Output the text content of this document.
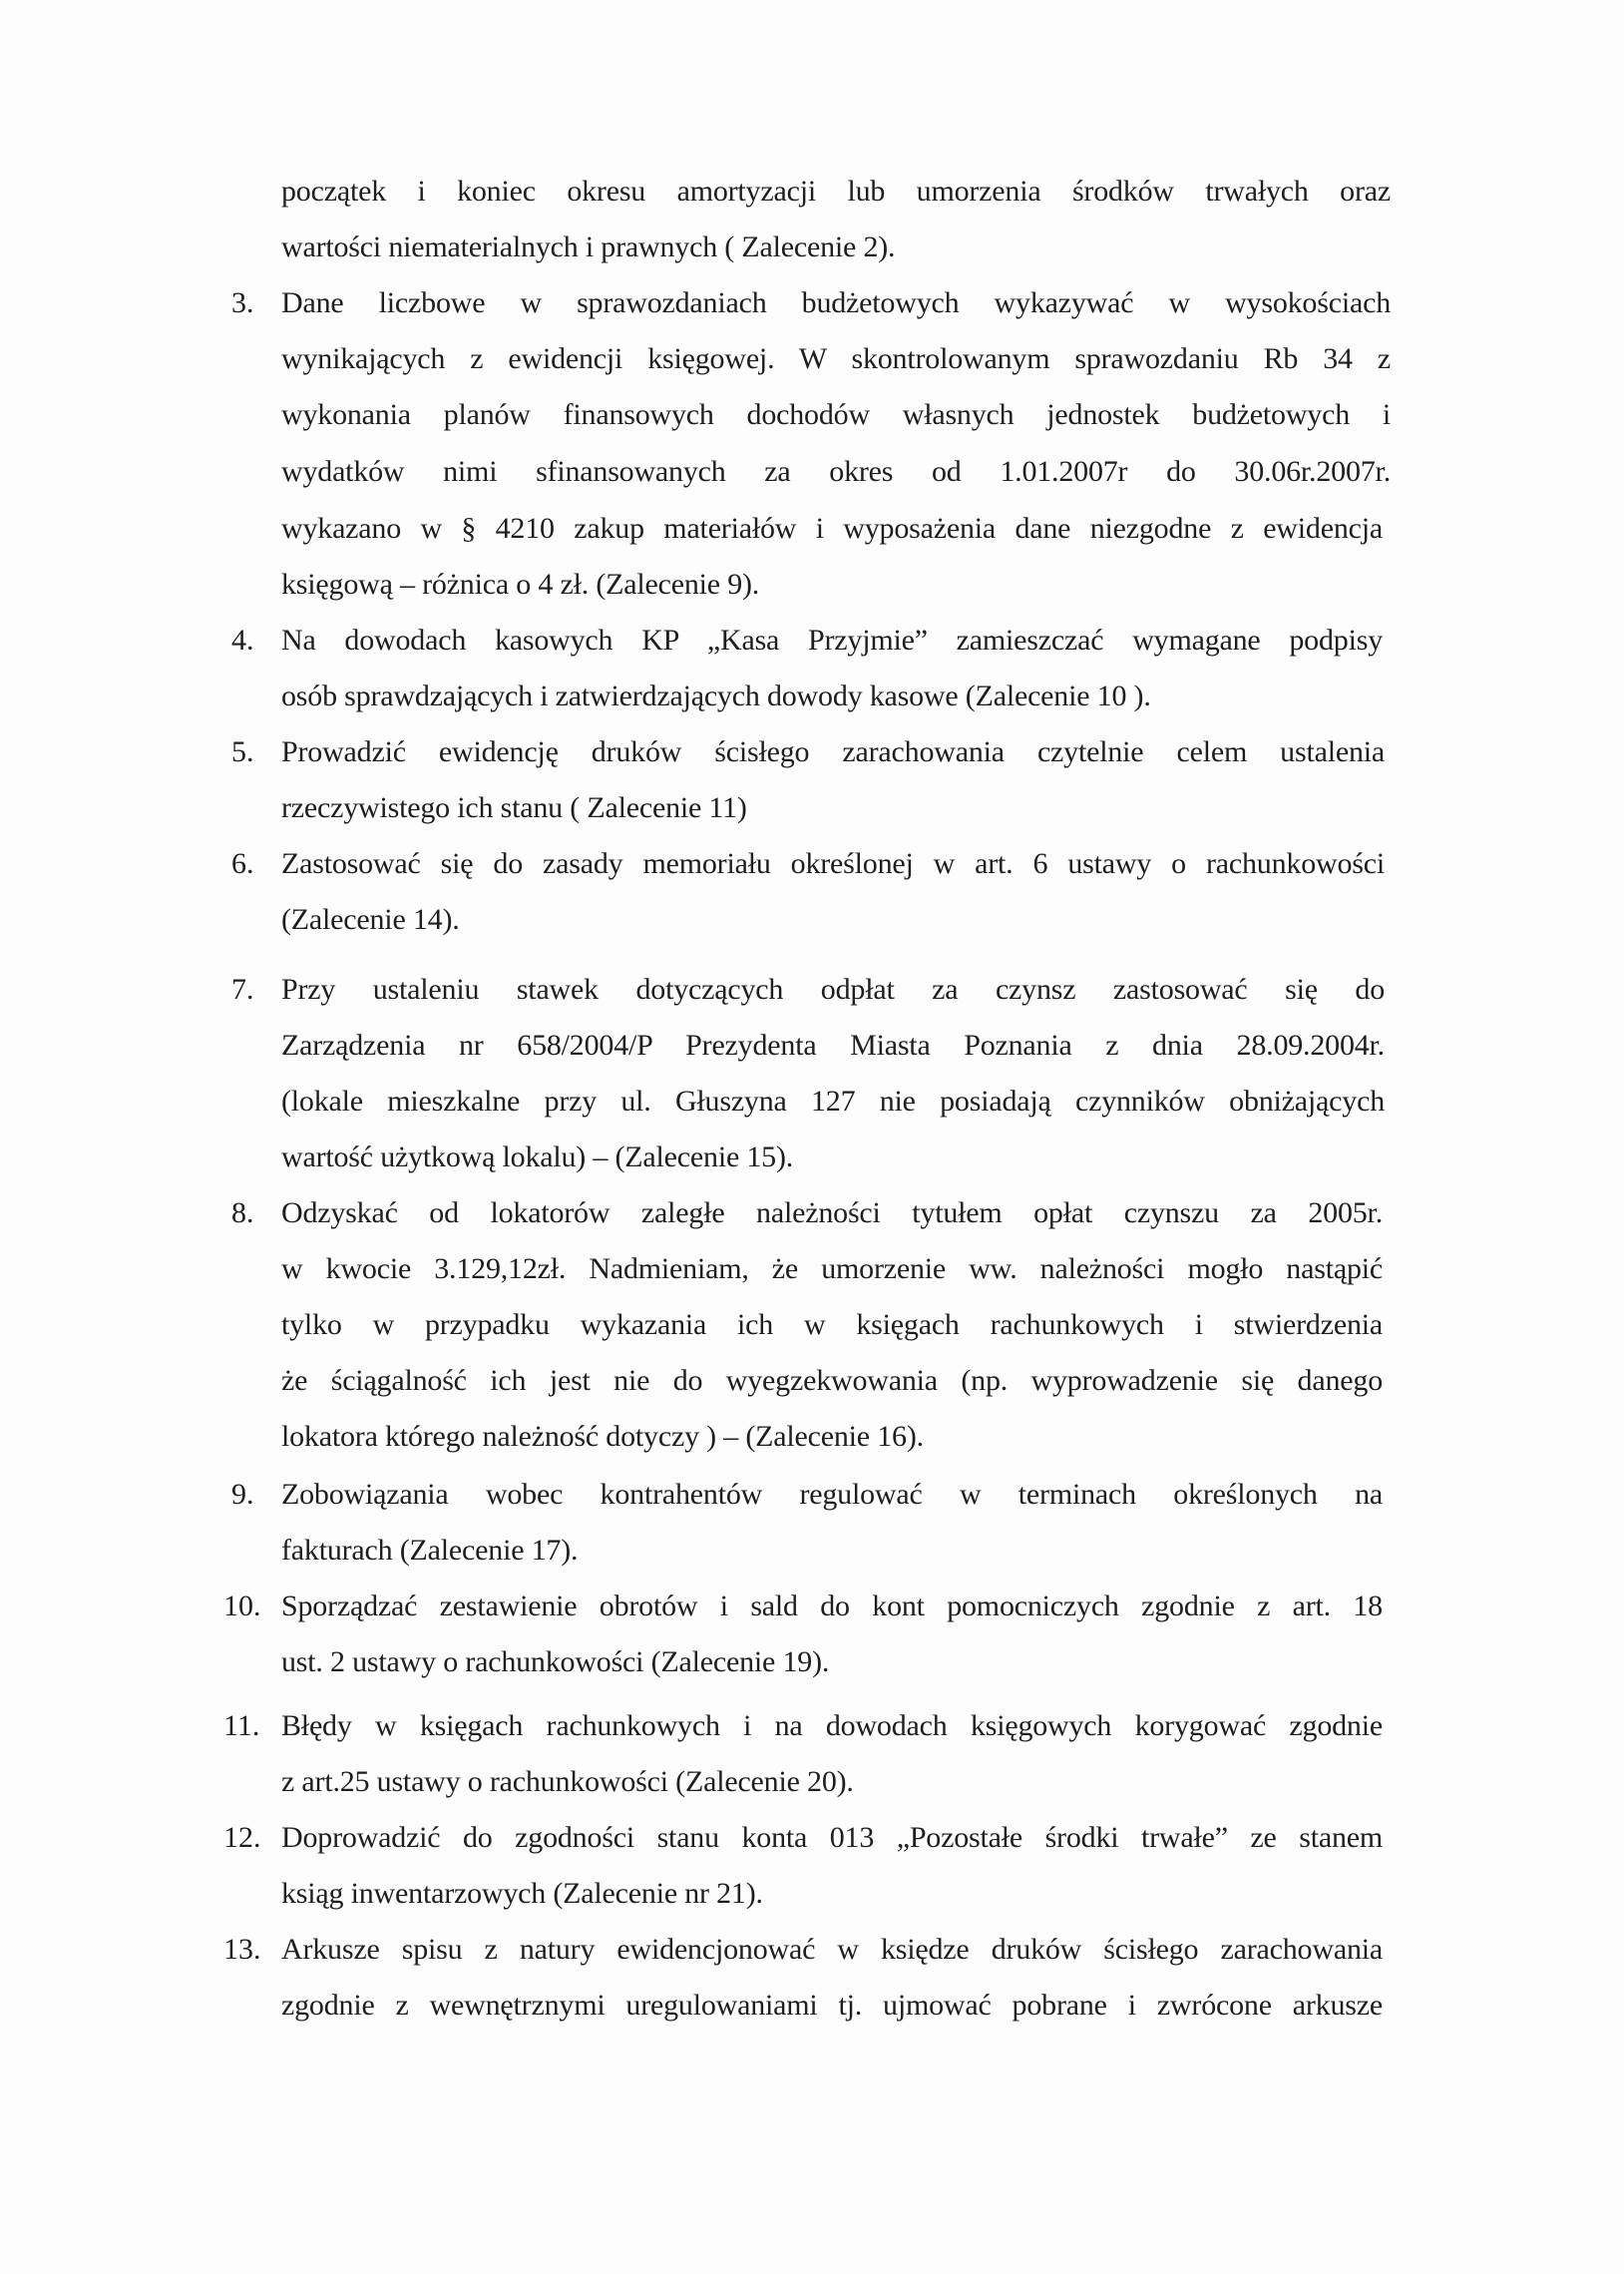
początek i koniec okresu amortyzacji lub umorzenia środków trwałych oraz
wartości niematerialnych i prawnych ( Zalecenie 2).
3. Dane liczbowe w sprawozdaniach budżetowych wykazywać w wysokościach
wynikających z ewidencji księgowej. W skontrolowanym sprawozdaniu Rb 34 z
wykonania planów finansowych dochodów własnych jednostek budżetowych i
wydatków nimi sfinansowanych za okres od 1.01.2007r do 30.06r.2007r.
wykazano w § 4210 zakup materiałów i wyposażenia dane niezgodne z ewidencja
księgową – różnica o 4 zł. (Zalecenie 9).
4. Na dowodach kasowych KP „Kasa Przyjmie” zamieszczać wymagane podpisy
osób sprawdzających i zatwierdzających dowody kasowe (Zalecenie 10 ).
5. Prowadzić ewidencję druków ścisłego zarachowania czytelnie celem ustalenia
rzeczywistego ich stanu ( Zalecenie 11)
6. Zastosować się do zasady memoriału określonej w art. 6 ustawy o rachunkowości
(Zalecenie 14).
7. Przy ustaleniu stawek dotyczących odpłat za czynsz zastosować się do
Zarządzenia nr 658/2004/P Prezydenta Miasta Poznania z dnia 28.09.2004r.
(lokale mieszkalne przy ul. Głuszyna 127 nie posiadają czynników obniżających
wartość użytkową lokalu) – (Zalecenie 15).
8. Odzyskać od lokatorów zaległe należności tytułem opłat czynszu za 2005r.
w kwocie 3.129,12zł. Nadmieniam, że umorzenie ww. należności mogło nastąpić
tylko w przypadku wykazania ich w księgach rachunkowych i stwierdzenia
że ściągalność ich jest nie do wyegzekwowania (np. wyprowadzenie się danego
lokatora którego należność dotyczy ) – (Zalecenie 16).
9. Zobowiązania wobec kontrahentów regulować w terminach określonych na
fakturach (Zalecenie 17).
10. Sporządzać zestawienie obrotów i sald do kont pomocniczych zgodnie z art. 18
ust. 2 ustawy o rachunkowości (Zalecenie 19).
11. Błędy w księgach rachunkowych i na dowodach księgowych korygować zgodnie
z art.25 ustawy o rachunkowości (Zalecenie 20).
12. Doprowadzić do zgodności stanu konta 013 „Pozostałe środki trwałe” ze stanem
ksiąg inwentarzowych (Zalecenie nr 21).
13. Arkusze spisu z natury ewidencjonować w księdze druków ścisłego zarachowania
zgodnie z wewnętrznymi uregulowaniami tj. ujmować pobrane i zwrócone arkusze
